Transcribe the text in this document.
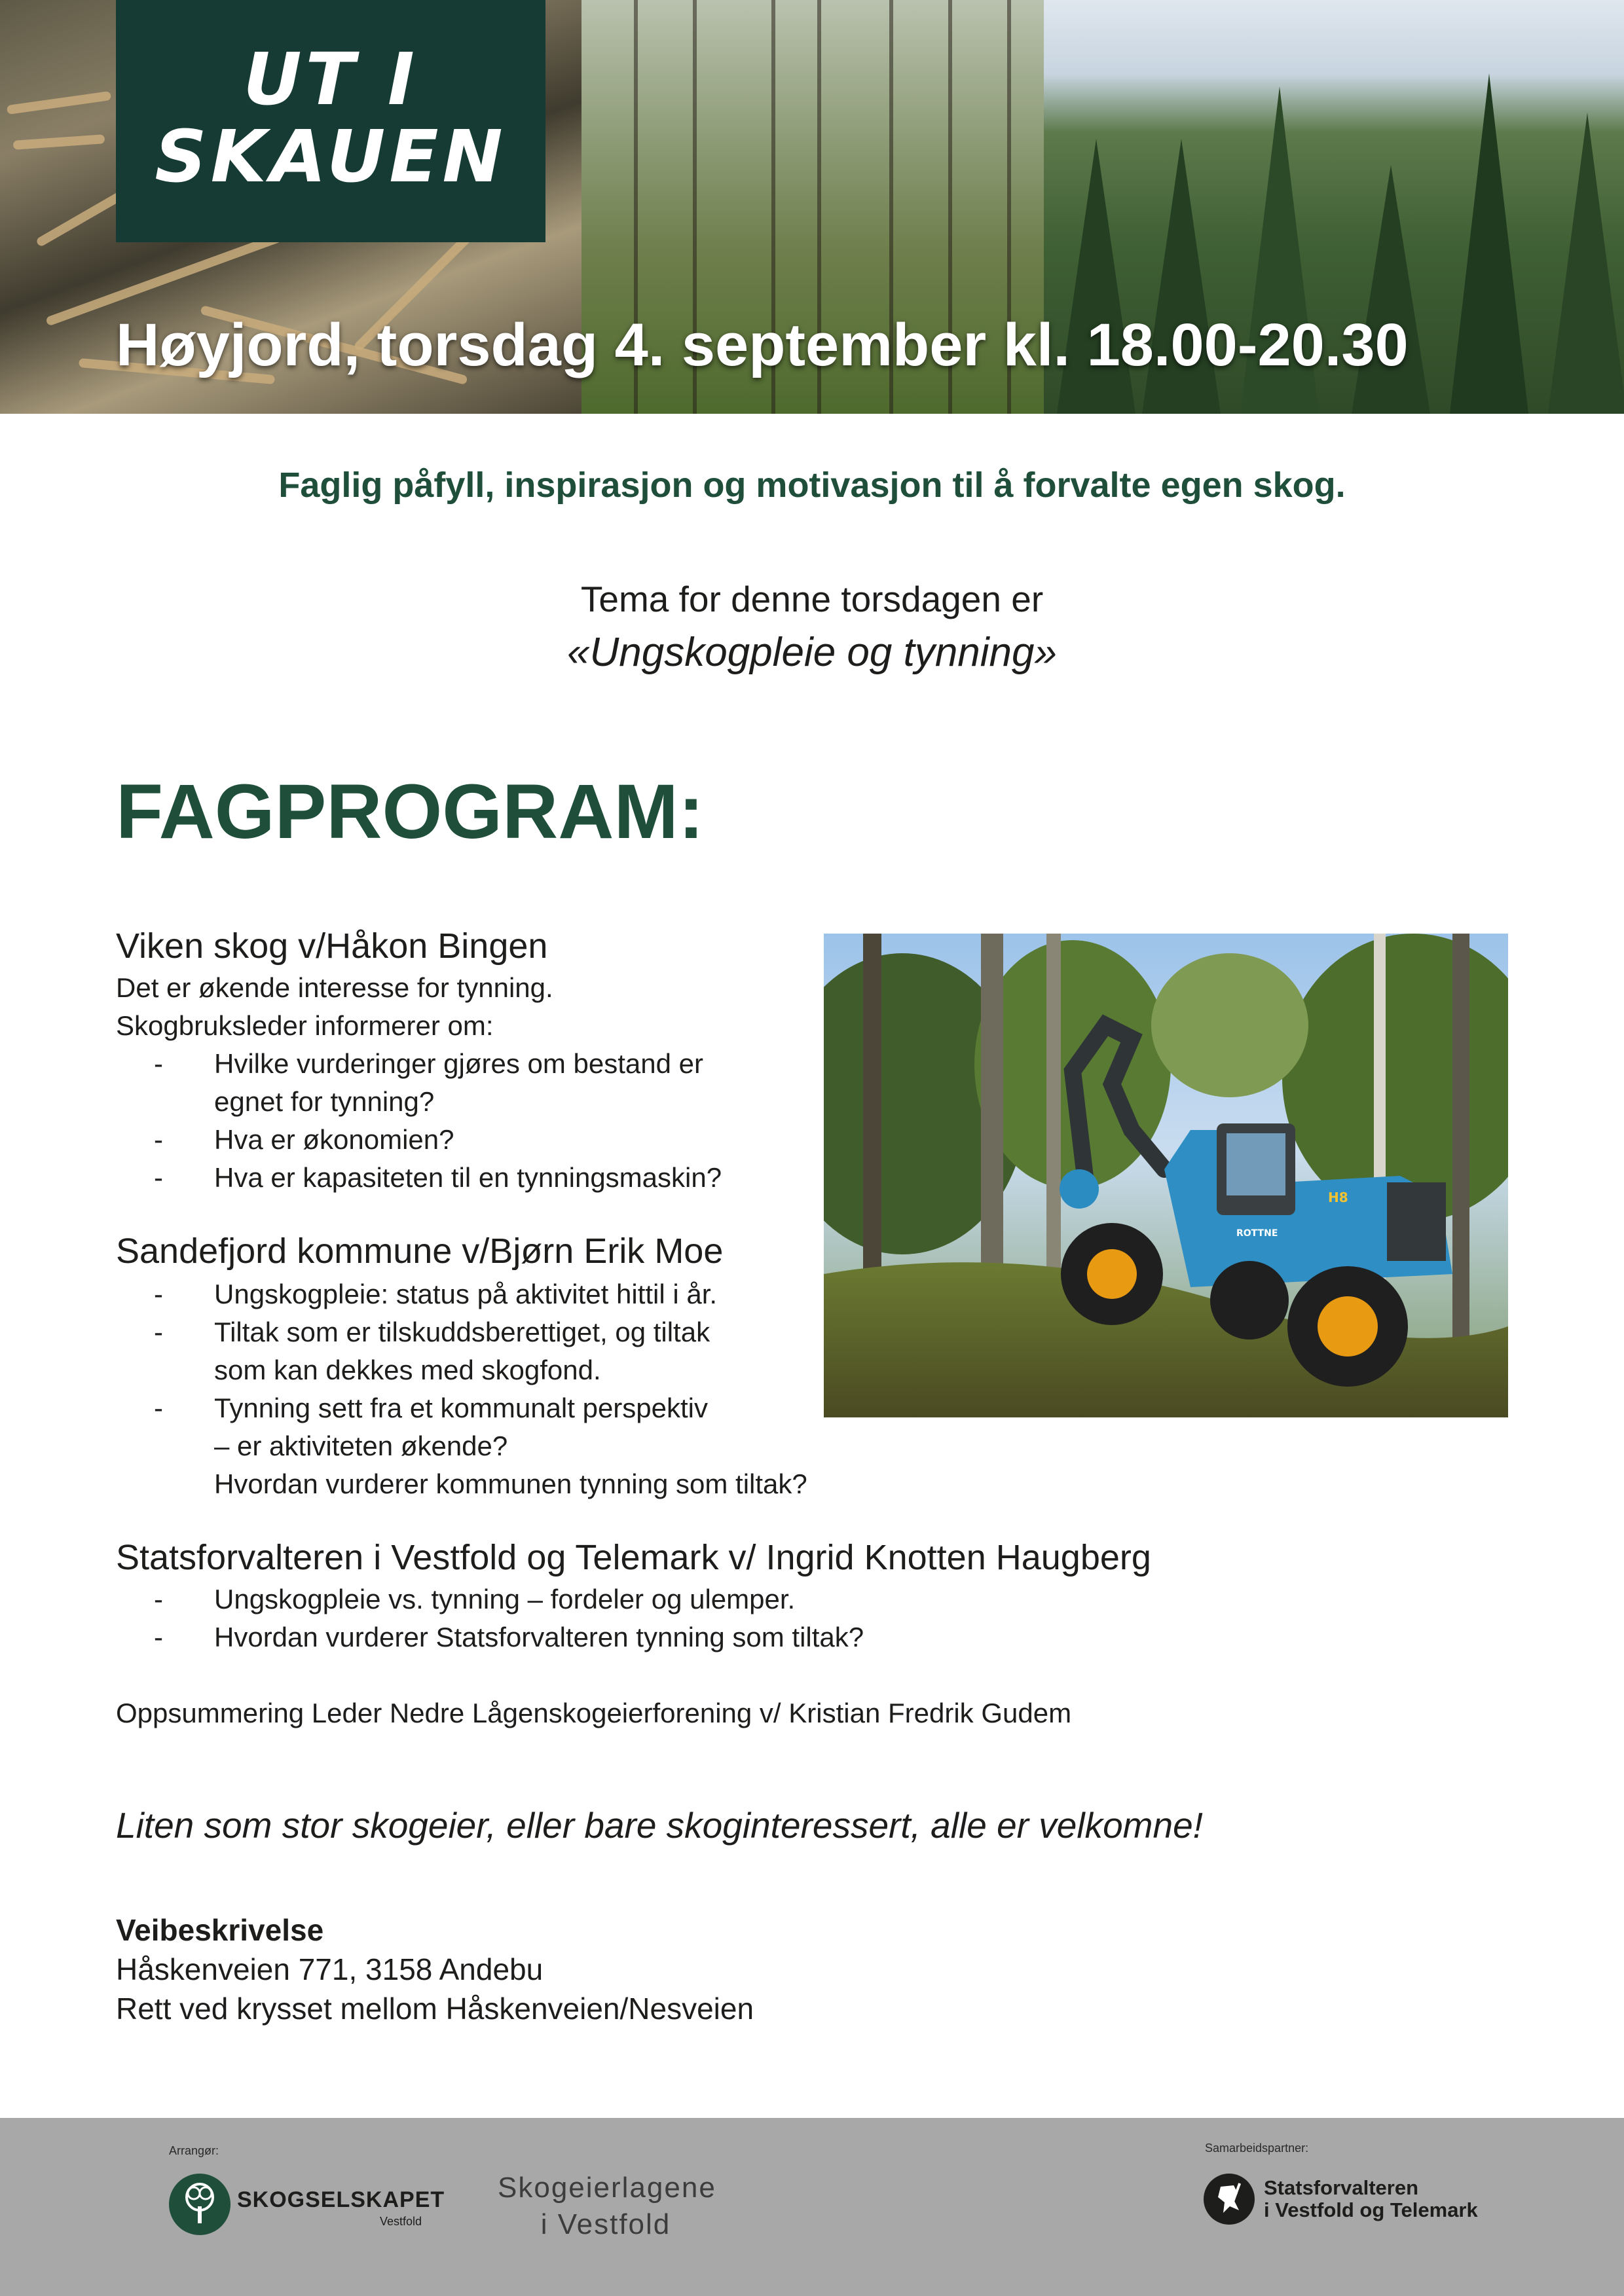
UT I
SKAUEN
Høyjord, torsdag 4. september kl. 18.00-20.30
Faglig påfyll, inspirasjon og motivasjon til å forvalte egen skog.
Tema for denne torsdagen er
«Ungskogpleie og tynning»
FAGPROGRAM:
Viken skog v/Håkon Bingen
Det er økende interesse for tynning.
Skogbruksleder informerer om:
- Hvilke vurderinger gjøres om bestand er
egnet for tynning?
- Hva er økonomien?
- Hva er kapasiteten til en tynningsmaskin?
Sandefjord kommune v/Bjørn Erik Moe
- Ungskogpleie: status på aktivitet hittil i år.
- Tiltak som er tilskuddsberettiget, og tiltak
som kan dekkes med skogfond.
- Tynning sett fra et kommunalt perspektiv
– er aktiviteten økende?
Hvordan vurderer kommunen tynning som tiltak?
Statsforvalteren i Vestfold og Telemark v/ Ingrid Knotten Haugberg
- Ungskogpleie vs. tynning – fordeler og ulemper.
- Hvordan vurderer Statsforvalteren tynning som tiltak?
Oppsummering Leder Nedre Lågenskogeierforening v/ Kristian Fredrik Gudem
H8
ROTTNE
Liten som stor skogeier, eller bare skoginteressert, alle er velkomne!
Veibeskrivelse
Håskenveien 771, 3158 Andebu
Rett ved krysset mellom Håskenveien/Nesveien
Arrangør:
SKOGSELSKAPET
Vestfold
Skogeierlagene
i Vestfold
Samarbeidspartner:
Statsforvalteren
i Vestfold og Telemark
